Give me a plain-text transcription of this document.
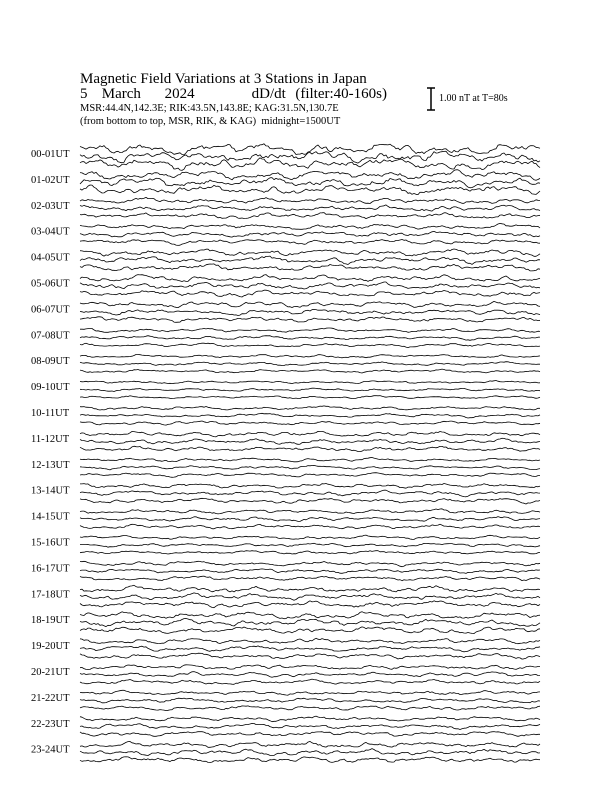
Magnetic Field Variations at 3 Stations in Japan
5 March 2024	dD/dt (filter:40-160s)
MSR:44.4N,142.3E; RIK:43.5N,143.8E; KAG:31.5N,130.7E
(from bottom to top, MSR, RIK, & KAG)  midnight=1500UT
1.00 nT at T=80s
00-01UT
01-02UT
02-03UT
03-04UT
04-05UT
05-06UT
06-07UT
07-08UT
08-09UT
09-10UT
10-11UT
11-12UT
12-13UT
13-14UT
14-15UT
15-16UT
16-17UT
17-18UT
18-19UT
19-20UT
20-21UT
21-22UT
22-23UT
23-24UT
